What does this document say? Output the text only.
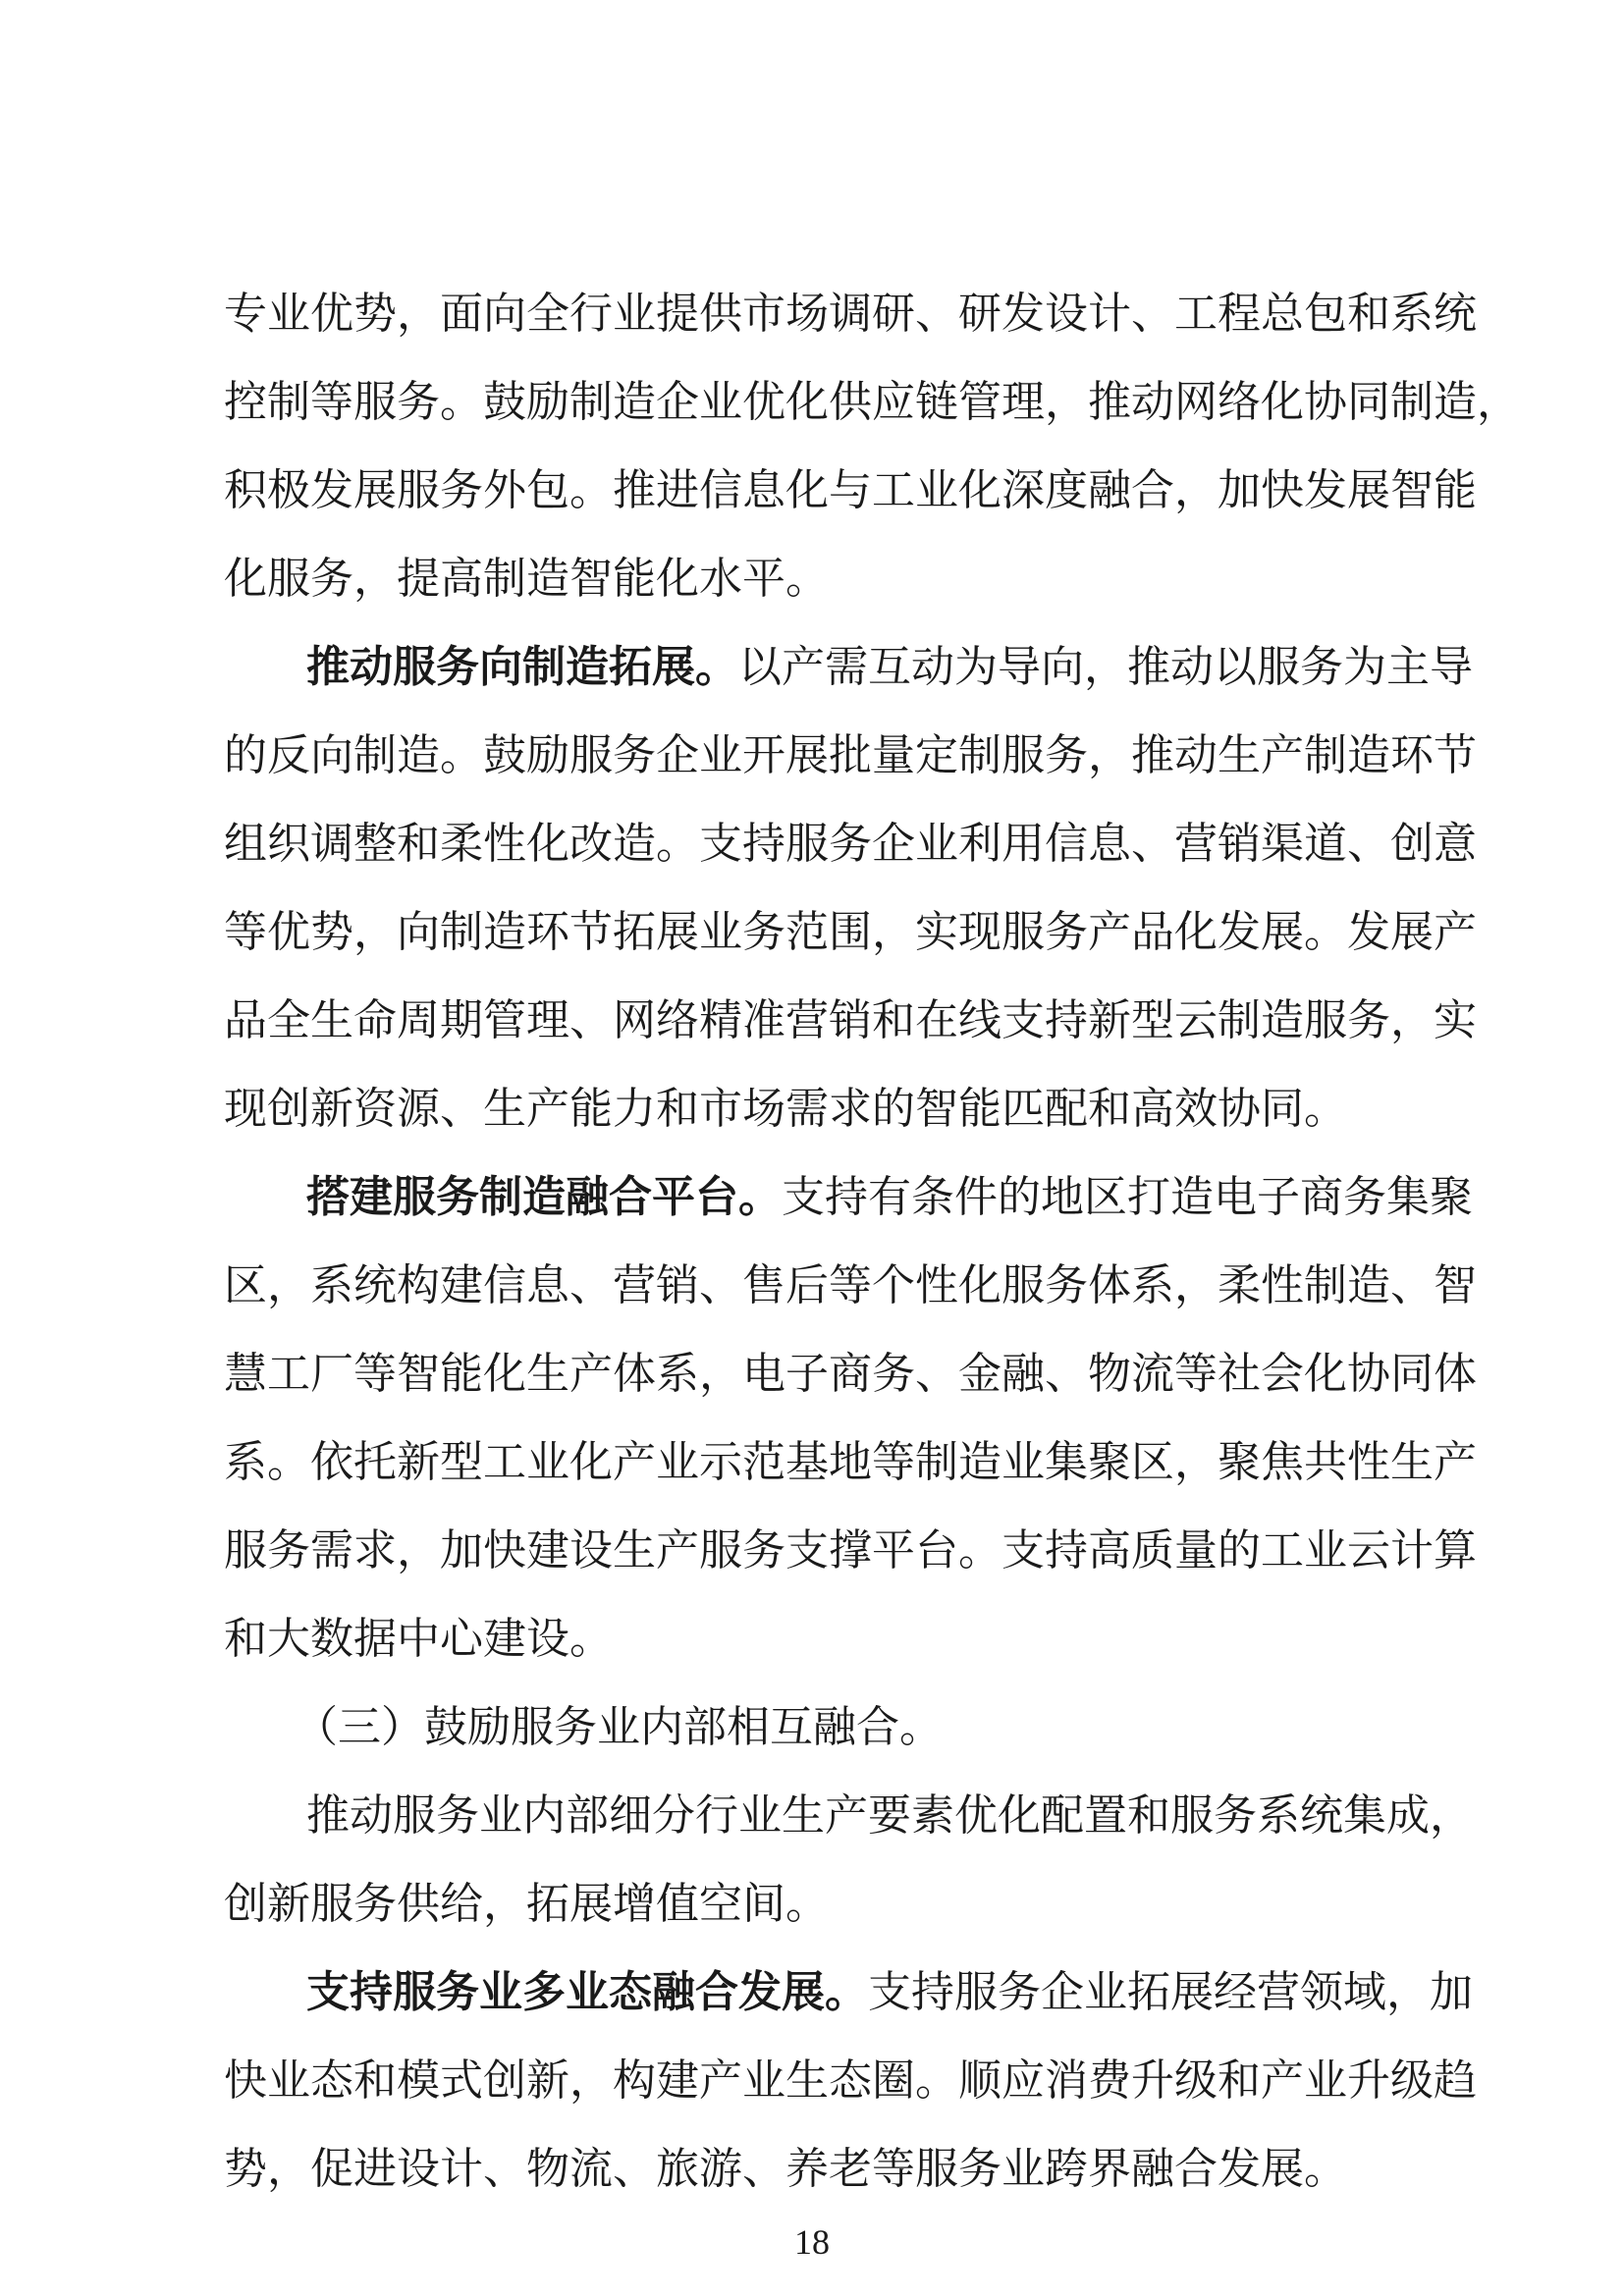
专业优势，面向全行业提供市场调研、研发设计、工程总包和系统
控制等服务。鼓励制造企业优化供应链管理，推动网络化协同制造，
积极发展服务外包。推进信息化与工业化深度融合，加快发展智能
化服务，提高制造智能化水平。
推动服务向制造拓展。以产需互动为导向，推动以服务为主导
的反向制造。鼓励服务企业开展批量定制服务，推动生产制造环节
组织调整和柔性化改造。支持服务企业利用信息、营销渠道、创意
等优势，向制造环节拓展业务范围，实现服务产品化发展。发展产
品全生命周期管理、网络精准营销和在线支持新型云制造服务，实
现创新资源、生产能力和市场需求的智能匹配和高效协同。
搭建服务制造融合平台。支持有条件的地区打造电子商务集聚
区，系统构建信息、营销、售后等个性化服务体系，柔性制造、智
慧工厂等智能化生产体系，电子商务、金融、物流等社会化协同体
系。依托新型工业化产业示范基地等制造业集聚区，聚焦共性生产
服务需求，加快建设生产服务支撑平台。支持高质量的工业云计算
和大数据中心建设。
（三）鼓励服务业内部相互融合。
推动服务业内部细分行业生产要素优化配置和服务系统集成，
创新服务供给，拓展增值空间。
支持服务业多业态融合发展。支持服务企业拓展经营领域，加
快业态和模式创新，构建产业生态圈。顺应消费升级和产业升级趋
势，促进设计、物流、旅游、养老等服务业跨界融合发展。
18
